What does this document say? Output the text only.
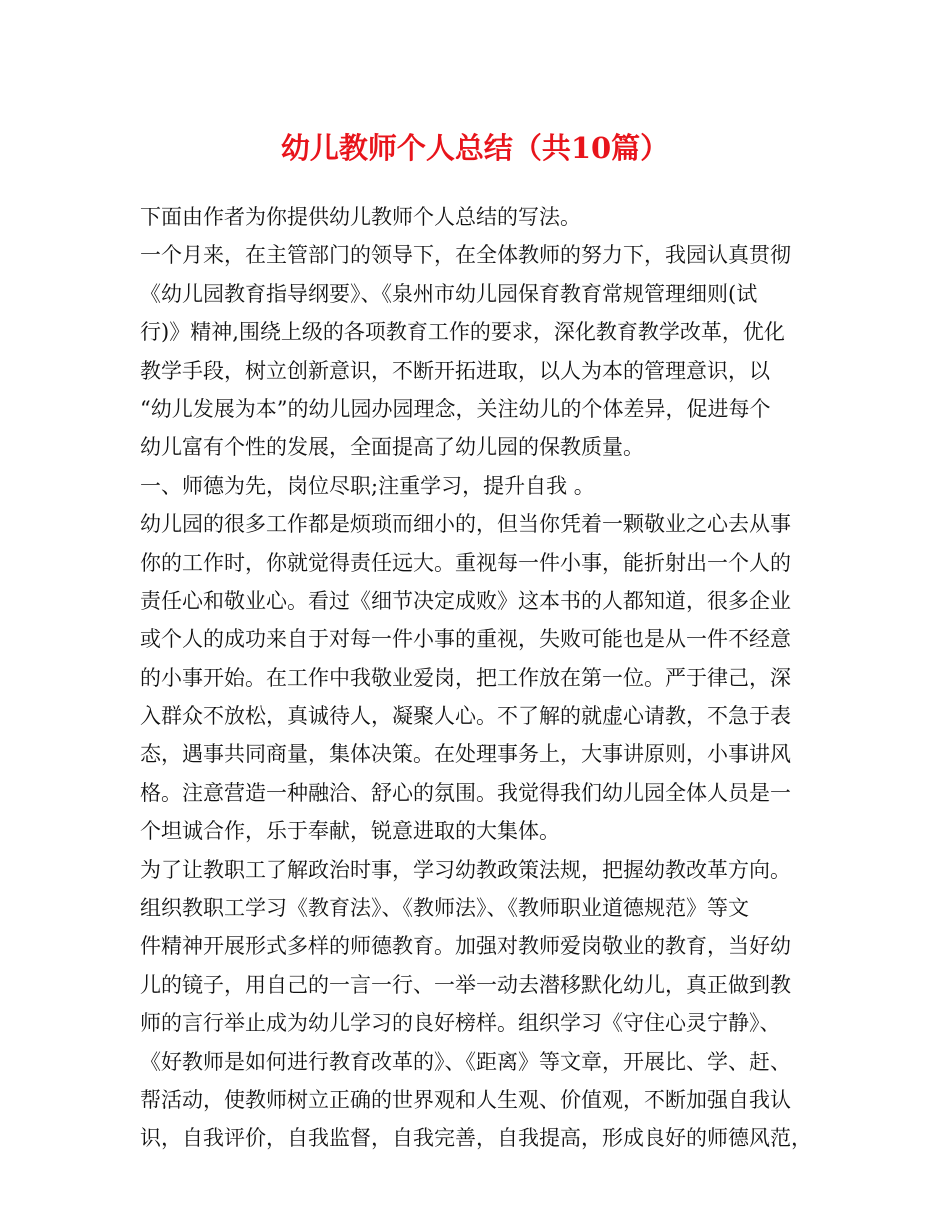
幼儿教师个人总结（共10篇）
下面由作者为你提供幼儿教师个人总结的写法。
一个月来，在主管部门的领导下，在全体教师的努力下，我园认真贯彻
《幼儿园教育指导纲要》、《泉州市幼儿园保育教育常规管理细则(试
行)》精神,围绕上级的各项教育工作的要求，深化教育教学改革，优化
教学手段，树立创新意识，不断开拓进取，以人为本的管理意识，以
“幼儿发展为本”的幼儿园办园理念，关注幼儿的个体差异，促进每个
幼儿富有个性的发展，全面提高了幼儿园的保教质量。
一、师德为先，岗位尽职;注重学习，提升自我 。
幼儿园的很多工作都是烦琐而细小的，但当你凭着一颗敬业之心去从事
你的工作时，你就觉得责任远大。重视每一件小事，能折射出一个人的
责任心和敬业心。看过《细节决定成败》这本书的人都知道，很多企业
或个人的成功来自于对每一件小事的重视，失败可能也是从一件不经意
的小事开始。在工作中我敬业爱岗，把工作放在第一位。严于律己，深
入群众不放松，真诚待人，凝聚人心。不了解的就虚心请教，不急于表
态，遇事共同商量，集体决策。在处理事务上，大事讲原则，小事讲风
格。注意营造一种融洽、舒心的氛围。我觉得我们幼儿园全体人员是一
个坦诚合作，乐于奉献，锐意进取的大集体。
为了让教职工了解政治时事，学习幼教政策法规，把握幼教改革方向。
组织教职工学习《教育法》、《教师法》、《教师职业道德规范》等文
件精神开展形式多样的师德教育。加强对教师爱岗敬业的教育，当好幼
儿的镜子，用自己的一言一行、一举一动去潜移默化幼儿，真正做到教
师的言行举止成为幼儿学习的良好榜样。组织学习《守住心灵宁静》、
《好教师是如何进行教育改革的》、《距离》等文章，开展比、学、赶、
帮活动，使教师树立正确的世界观和人生观、价值观，不断加强自我认
识，自我评价，自我监督，自我完善，自我提高，形成良好的师德风范，
